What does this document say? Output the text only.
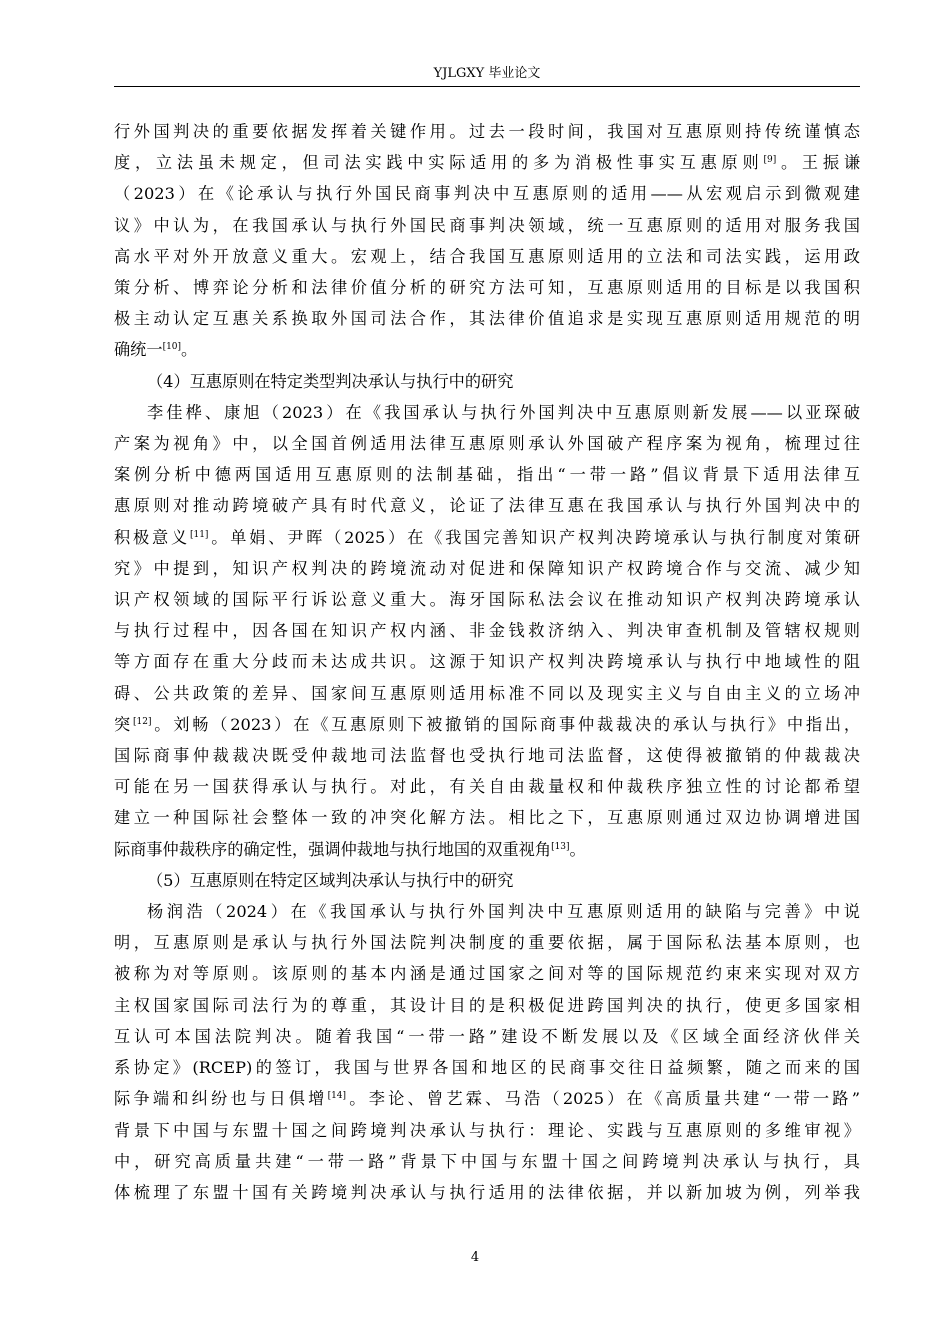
YJLGXY 毕业论文

行外国判决的重要依据发挥着关键作用。过去一段时间，我国对互惠原则持传统谨慎态

度，立法虽未规定，但司法实践中实际适用的多为消极性事实互惠原则[9]。王振谦

（2023）在《论承认与执行外国民商事判决中互惠原则的适用——从宏观启示到微观建

议》中认为，在我国承认与执行外国民商事判决领域，统一互惠原则的适用对服务我国

高水平对外开放意义重大。宏观上，结合我国互惠原则适用的立法和司法实践，运用政

策分析、博弈论分析和法律价值分析的研究方法可知，互惠原则适用的目标是以我国积

极主动认定互惠关系换取外国司法合作，其法律价值追求是实现互惠原则适用规范的明

确统一[10]。

（4）互惠原则在特定类型判决承认与执行中的研究

李佳桦、康旭（2023）在《我国承认与执行外国判决中互惠原则新发展——以亚琛破

产案为视角》中，以全国首例适用法律互惠原则承认外国破产程序案为视角，梳理过往

案例分析中德两国适用互惠原则的法制基础，指出“一带一路”倡议背景下适用法律互

惠原则对推动跨境破产具有时代意义，论证了法律互惠在我国承认与执行外国判决中的

积极意义[11]。单娟、尹晖（2025）在《我国完善知识产权判决跨境承认与执行制度对策研

究》中提到，知识产权判决的跨境流动对促进和保障知识产权跨境合作与交流、减少知

识产权领域的国际平行诉讼意义重大。海牙国际私法会议在推动知识产权判决跨境承认

与执行过程中，因各国在知识产权内涵、非金钱救济纳入、判决审查机制及管辖权规则

等方面存在重大分歧而未达成共识。这源于知识产权判决跨境承认与执行中地域性的阻

碍、公共政策的差异、国家间互惠原则适用标准不同以及现实主义与自由主义的立场冲

突[12]。刘畅（2023）在《互惠原则下被撤销的国际商事仲裁裁决的承认与执行》中指出，

国际商事仲裁裁决既受仲裁地司法监督也受执行地司法监督，这使得被撤销的仲裁裁决

可能在另一国获得承认与执行。对此，有关自由裁量权和仲裁秩序独立性的讨论都希望

建立一种国际社会整体一致的冲突化解方法。相比之下，互惠原则通过双边协调增进国

际商事仲裁秩序的确定性，强调仲裁地与执行地国的双重视角[13]。

（5）互惠原则在特定区域判决承认与执行中的研究

杨润浩（2024）在《我国承认与执行外国判决中互惠原则适用的缺陷与完善》中说

明，互惠原则是承认与执行外国法院判决制度的重要依据，属于国际私法基本原则，也

被称为对等原则。该原则的基本内涵是通过国家之间对等的国际规范约束来实现对双方

主权国家国际司法行为的尊重，其设计目的是积极促进跨国判决的执行，使更多国家相

互认可本国法院判决。随着我国“一带一路”建设不断发展以及《区域全面经济伙伴关

系协定》(RCEP)的签订，我国与世界各国和地区的民商事交往日益频繁，随之而来的国

际争端和纠纷也与日俱增[14]。李论、曾艺霖、马浩（2025）在《高质量共建“一带一路”

背景下中国与东盟十国之间跨境判决承认与执行：理论、实践与互惠原则的多维审视》

中，研究高质量共建“一带一路”背景下中国与东盟十国之间跨境判决承认与执行，具

体梳理了东盟十国有关跨境判决承认与执行适用的法律依据，并以新加坡为例，列举我

4
